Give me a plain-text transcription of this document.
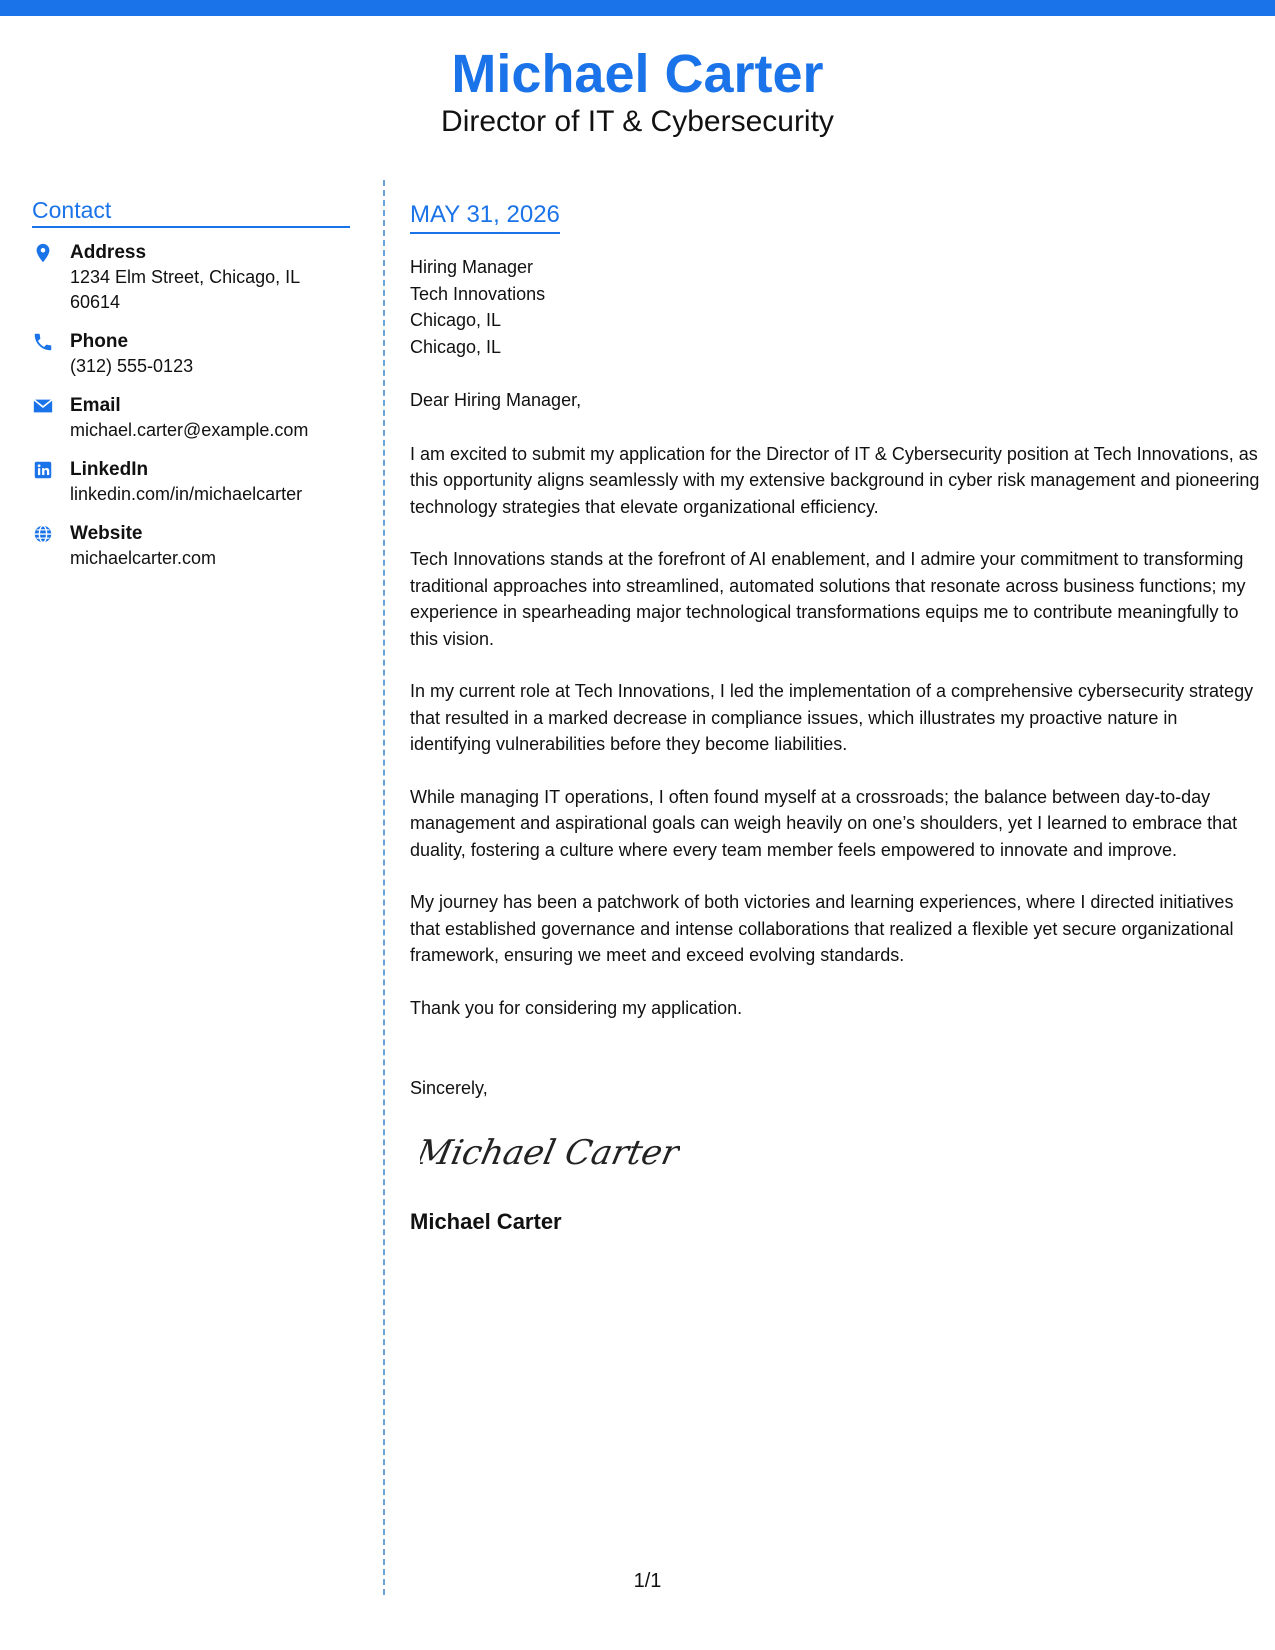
Michael Carter
Director of IT & Cybersecurity
Contact
Address
1234 Elm Street, Chicago, IL 60614
Phone
(312) 555-0123
Email
michael.carter@example.com
LinkedIn
linkedin.com/in/michaelcarter
Website
michaelcarter.com
MAY 31, 2026
Hiring Manager
Tech Innovations
Chicago, IL
Chicago, IL

Dear Hiring Manager,

I am excited to submit my application for the Director of IT & Cybersecurity position at Tech Innovations, as this opportunity aligns seamlessly with my extensive background in cyber risk management and pioneering technology strategies that elevate organizational efficiency.

Tech Innovations stands at the forefront of AI enablement, and I admire your commitment to transforming traditional approaches into streamlined, automated solutions that resonate across business functions; my experience in spearheading major technological transformations equips me to contribute meaningfully to this vision.

In my current role at Tech Innovations, I led the implementation of a comprehensive cybersecurity strategy that resulted in a marked decrease in compliance issues, which illustrates my proactive nature in identifying vulnerabilities before they become liabilities.

While managing IT operations, I often found myself at a crossroads; the balance between day-to-day management and aspirational goals can weigh heavily on one’s shoulders, yet I learned to embrace that duality, fostering a culture where every team member feels empowered to innovate and improve.

My journey has been a patchwork of both victories and learning experiences, where I directed initiatives that established governance and intense collaborations that realized a flexible yet secure organizational framework, ensuring we meet and exceed evolving standards.

Thank you for considering my application.

Sincerely,
Michael Carter
Michael Carter
1/1
